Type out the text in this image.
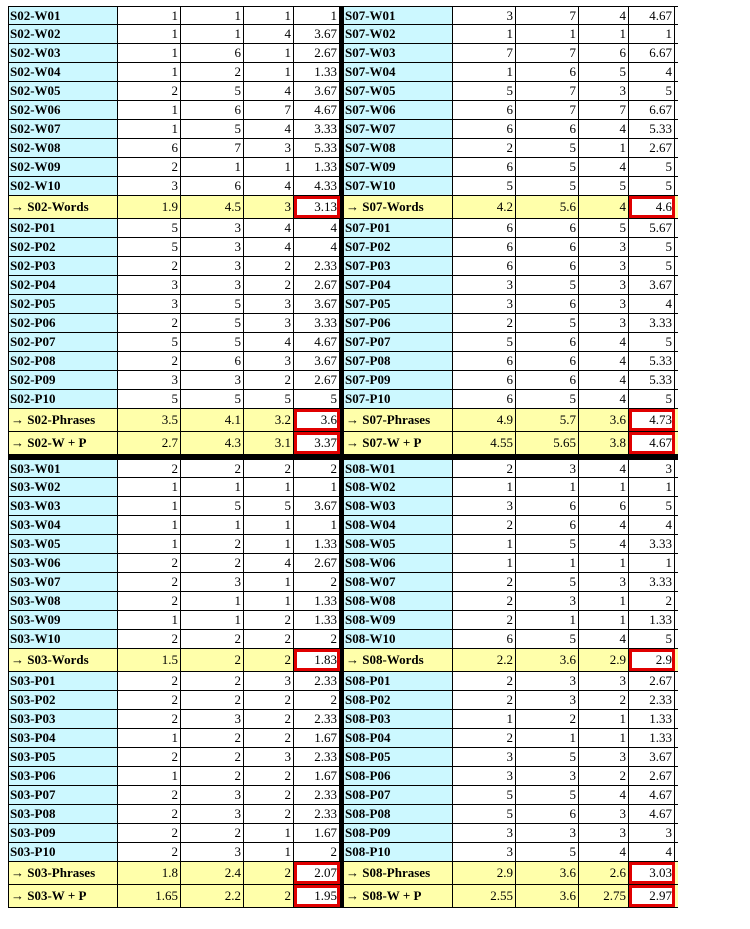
S02-W01	1	1	1	1
S02-W02	1	1	4	3.67
S02-W03	1	6	1	2.67
S02-W04	1	2	1	1.33
S02-W05	2	5	4	3.67
S02-W06	1	6	7	4.67
S02-W07	1	5	4	3.33
S02-W08	6	7	3	5.33
S02-W09	2	1	1	1.33
S02-W10	3	6	4	4.33
→ S02-Words	1.9	4.5	3	3.13
S02-P01	5	3	4	4
S02-P02	5	3	4	4
S02-P03	2	3	2	2.33
S02-P04	3	3	2	2.67
S02-P05	3	5	3	3.67
S02-P06	2	5	3	3.33
S02-P07	5	5	4	4.67
S02-P08	2	6	3	3.67
S02-P09	3	3	2	2.67
S02-P10	5	5	5	5
→ S02-Phrases	3.5	4.1	3.2	3.6
→ S02-W + P	2.7	4.3	3.1	3.37
S07-W01	3	7	4	4.67
S07-W02	1	1	1	1
S07-W03	7	7	6	6.67
S07-W04	1	6	5	4
S07-W05	5	7	3	5
S07-W06	6	7	7	6.67
S07-W07	6	6	4	5.33
S07-W08	2	5	1	2.67
S07-W09	6	5	4	5
S07-W10	5	5	5	5
→ S07-Words	4.2	5.6	4	4.6
S07-P01	6	6	5	5.67
S07-P02	6	6	3	5
S07-P03	6	6	3	5
S07-P04	3	5	3	3.67
S07-P05	3	6	3	4
S07-P06	2	5	3	3.33
S07-P07	5	6	4	5
S07-P08	6	6	4	5.33
S07-P09	6	6	4	5.33
S07-P10	6	5	4	5
→ S07-Phrases	4.9	5.7	3.6	4.73
→ S07-W + P	4.55	5.65	3.8	4.67
S03-W01	2	2	2	2
S03-W02	1	1	1	1
S03-W03	1	5	5	3.67
S03-W04	1	1	1	1
S03-W05	1	2	1	1.33
S03-W06	2	2	4	2.67
S03-W07	2	3	1	2
S03-W08	2	1	1	1.33
S03-W09	1	1	2	1.33
S03-W10	2	2	2	2
→ S03-Words	1.5	2	2	1.83
S03-P01	2	2	3	2.33
S03-P02	2	2	2	2
S03-P03	2	3	2	2.33
S03-P04	1	2	2	1.67
S03-P05	2	2	3	2.33
S03-P06	1	2	2	1.67
S03-P07	2	3	2	2.33
S03-P08	2	3	2	2.33
S03-P09	2	2	1	1.67
S03-P10	2	3	1	2
→ S03-Phrases	1.8	2.4	2	2.07
→ S03-W + P	1.65	2.2	2	1.95
S08-W01	2	3	4	3
S08-W02	1	1	1	1
S08-W03	3	6	6	5
S08-W04	2	6	4	4
S08-W05	1	5	4	3.33
S08-W06	1	1	1	1
S08-W07	2	5	3	3.33
S08-W08	2	3	1	2
S08-W09	2	1	1	1.33
S08-W10	6	5	4	5
→ S08-Words	2.2	3.6	2.9	2.9
S08-P01	2	3	3	2.67
S08-P02	2	3	2	2.33
S08-P03	1	2	1	1.33
S08-P04	2	1	1	1.33
S08-P05	3	5	3	3.67
S08-P06	3	3	2	2.67
S08-P07	5	5	4	4.67
S08-P08	5	6	3	4.67
S08-P09	3	3	3	3
S08-P10	3	5	4	4
→ S08-Phrases	2.9	3.6	2.6	3.03
→ S08-W + P	2.55	3.6	2.75	2.97
